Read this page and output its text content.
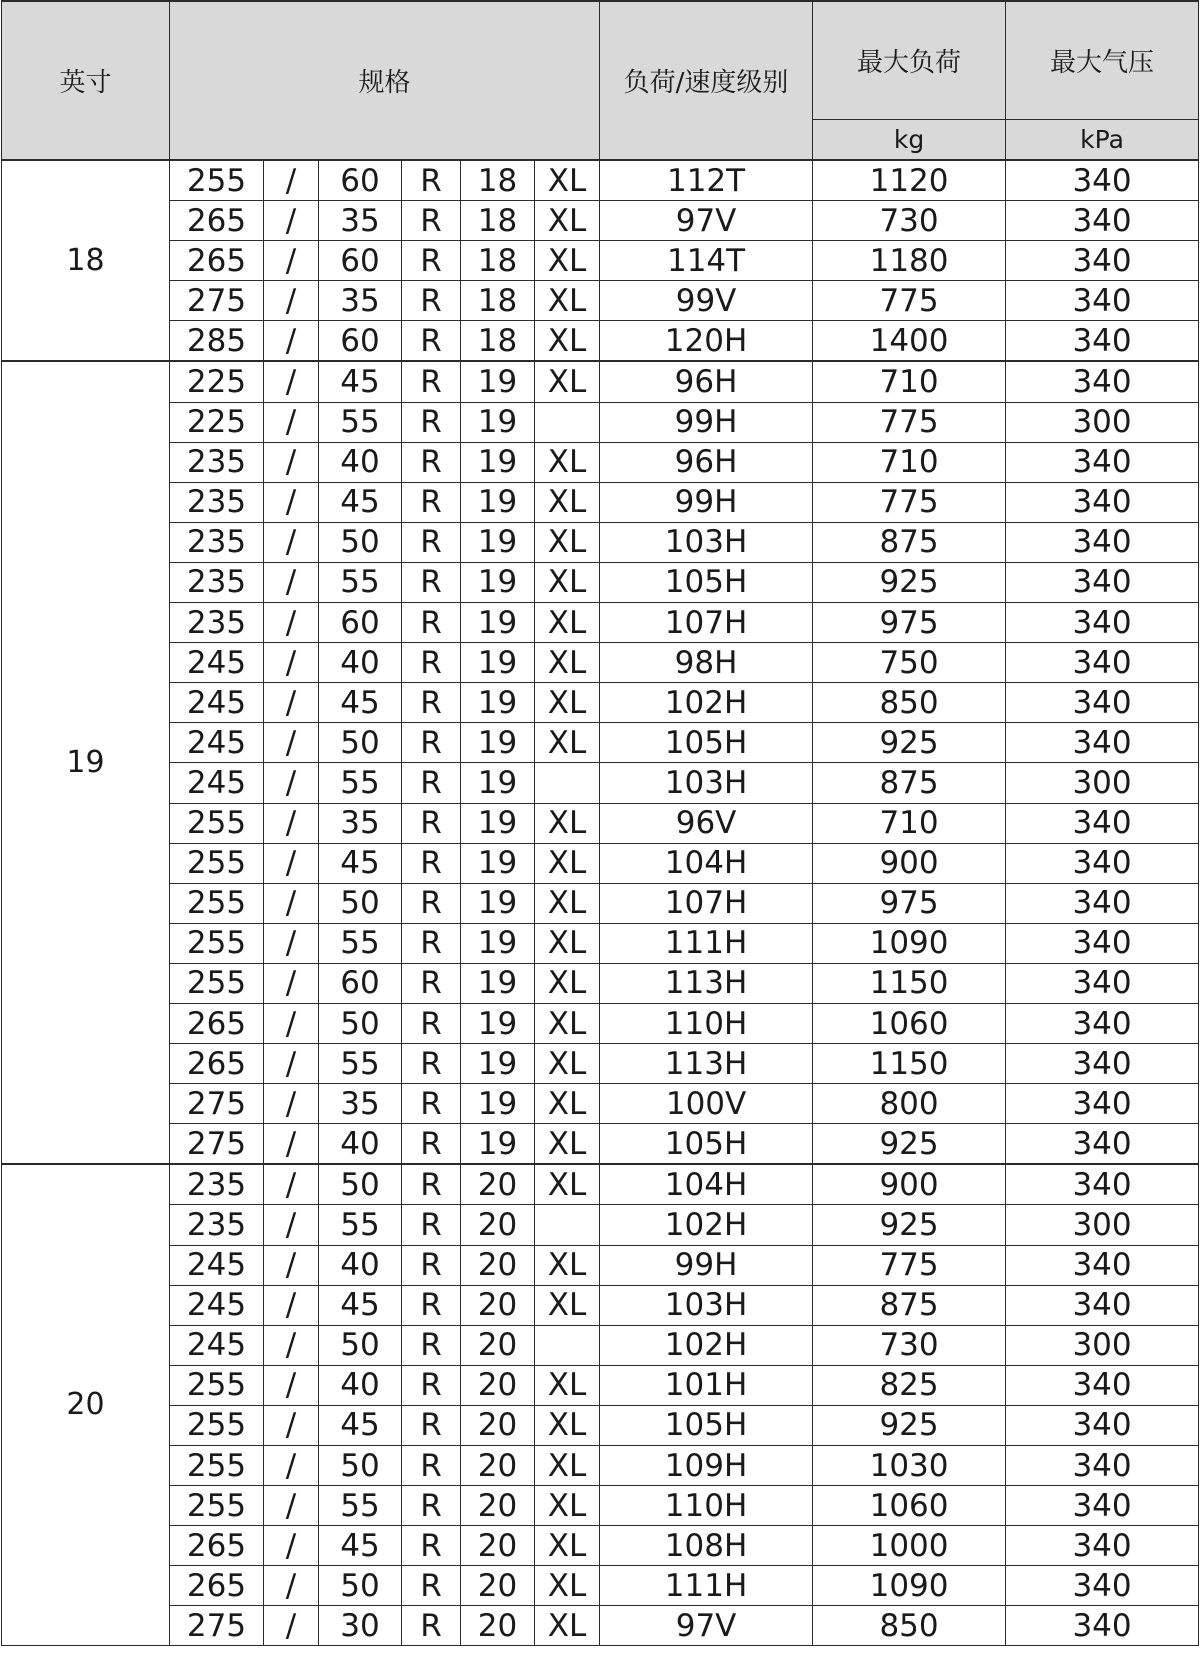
英寸	规格						负荷/速度级别	最大负荷	最大气压
								kg	kPa
18	255	/	60	R	18	XL	112T	1120	340
	265	/	35	R	18	XL	97V	730	340
	265	/	60	R	18	XL	114T	1180	340
	275	/	35	R	18	XL	99V	775	340
	285	/	60	R	18	XL	120H	1400	340
19	225	/	45	R	19	XL	96H	710	340
	225	/	55	R	19		99H	775	300
	235	/	40	R	19	XL	96H	710	340
	235	/	45	R	19	XL	99H	775	340
	235	/	50	R	19	XL	103H	875	340
	235	/	55	R	19	XL	105H	925	340
	235	/	60	R	19	XL	107H	975	340
	245	/	40	R	19	XL	98H	750	340
	245	/	45	R	19	XL	102H	850	340
	245	/	50	R	19	XL	105H	925	340
	245	/	55	R	19		103H	875	300
	255	/	35	R	19	XL	96V	710	340
	255	/	45	R	19	XL	104H	900	340
	255	/	50	R	19	XL	107H	975	340
	255	/	55	R	19	XL	111H	1090	340
	255	/	60	R	19	XL	113H	1150	340
	265	/	50	R	19	XL	110H	1060	340
	265	/	55	R	19	XL	113H	1150	340
	275	/	35	R	19	XL	100V	800	340
	275	/	40	R	19	XL	105H	925	340
20	235	/	50	R	20	XL	104H	900	340
	235	/	55	R	20		102H	925	300
	245	/	40	R	20	XL	99H	775	340
	245	/	45	R	20	XL	103H	875	340
	245	/	50	R	20		102H	730	300
	255	/	40	R	20	XL	101H	825	340
	255	/	45	R	20	XL	105H	925	340
	255	/	50	R	20	XL	109H	1030	340
	255	/	55	R	20	XL	110H	1060	340
	265	/	45	R	20	XL	108H	1000	340
	265	/	50	R	20	XL	111H	1090	340
	275	/	30	R	20	XL	97V	850	340
